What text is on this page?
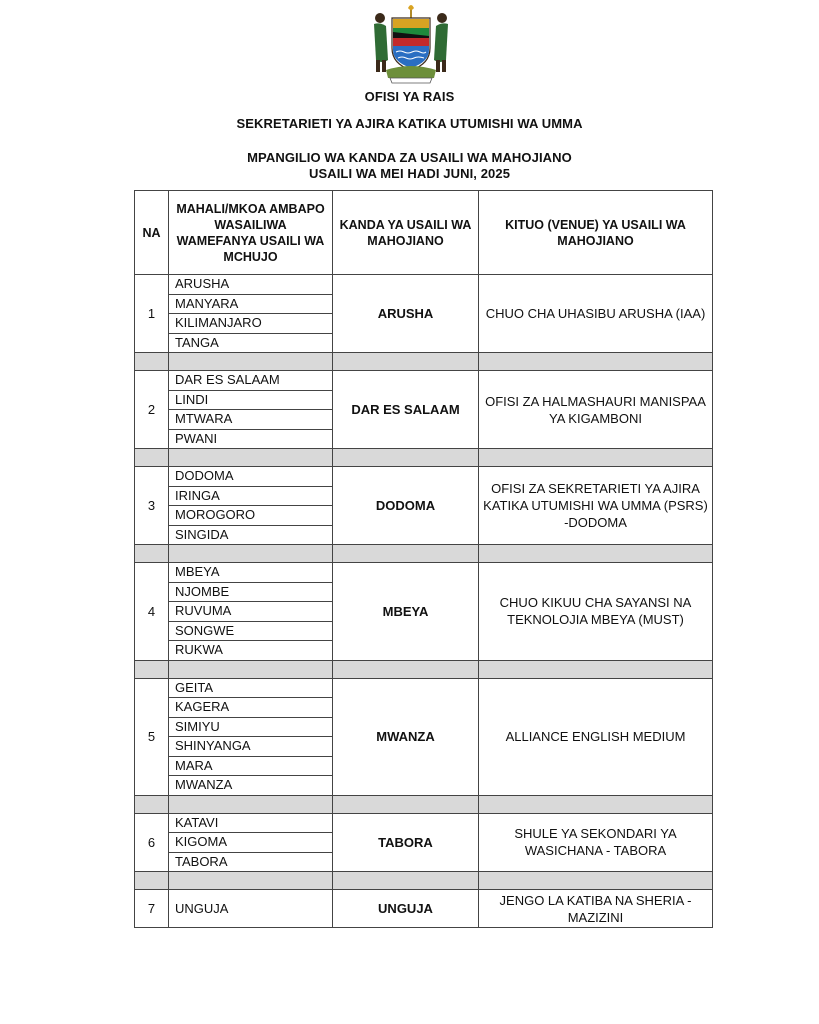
OFISI YA RAIS
SEKRETARIETI YA AJIRA KATIKA UTUMISHI WA UMMA
MPANGILIO WA KANDA ZA USAILI WA MAHOJIANO
USAILI WA MEI HADI JUNI, 2025
NA	MAHALI/MKOA AMBAPO WASAILIWA WAMEFANYA USAILI WA MCHUJO	KANDA YA USAILI WA MAHOJIANO	KITUO (VENUE) YA USAILI WA MAHOJIANO
1	ARUSHA	ARUSHA	CHUO CHA UHASIBU ARUSHA (IAA)
	MANYARA		
	KILIMANJARO		
	TANGA		

2	DAR ES SALAAM	DAR ES SALAAM	OFISI ZA HALMASHAURI MANISPAA YA KIGAMBONI
	LINDI		
	MTWARA		
	PWANI		

3	DODOMA	DODOMA	OFISI ZA SEKRETARIETI YA AJIRA KATIKA UTUMISHI WA UMMA (PSRS) -DODOMA
	IRINGA		
	MOROGORO		
	SINGIDA		

4	MBEYA	MBEYA	CHUO KIKUU CHA SAYANSI NA TEKNOLOJIA MBEYA (MUST)
	NJOMBE		
	RUVUMA		
	SONGWE		
	RUKWA		

5	GEITA	MWANZA	ALLIANCE ENGLISH MEDIUM
	KAGERA		
	SIMIYU		
	SHINYANGA		
	MARA		
	MWANZA		

6	KATAVI	TABORA	SHULE YA SEKONDARI YA WASICHANA - TABORA
	KIGOMA		
	TABORA		

7	UNGUJA	UNGUJA	JENGO LA KATIBA NA SHERIA -MAZIZINI
